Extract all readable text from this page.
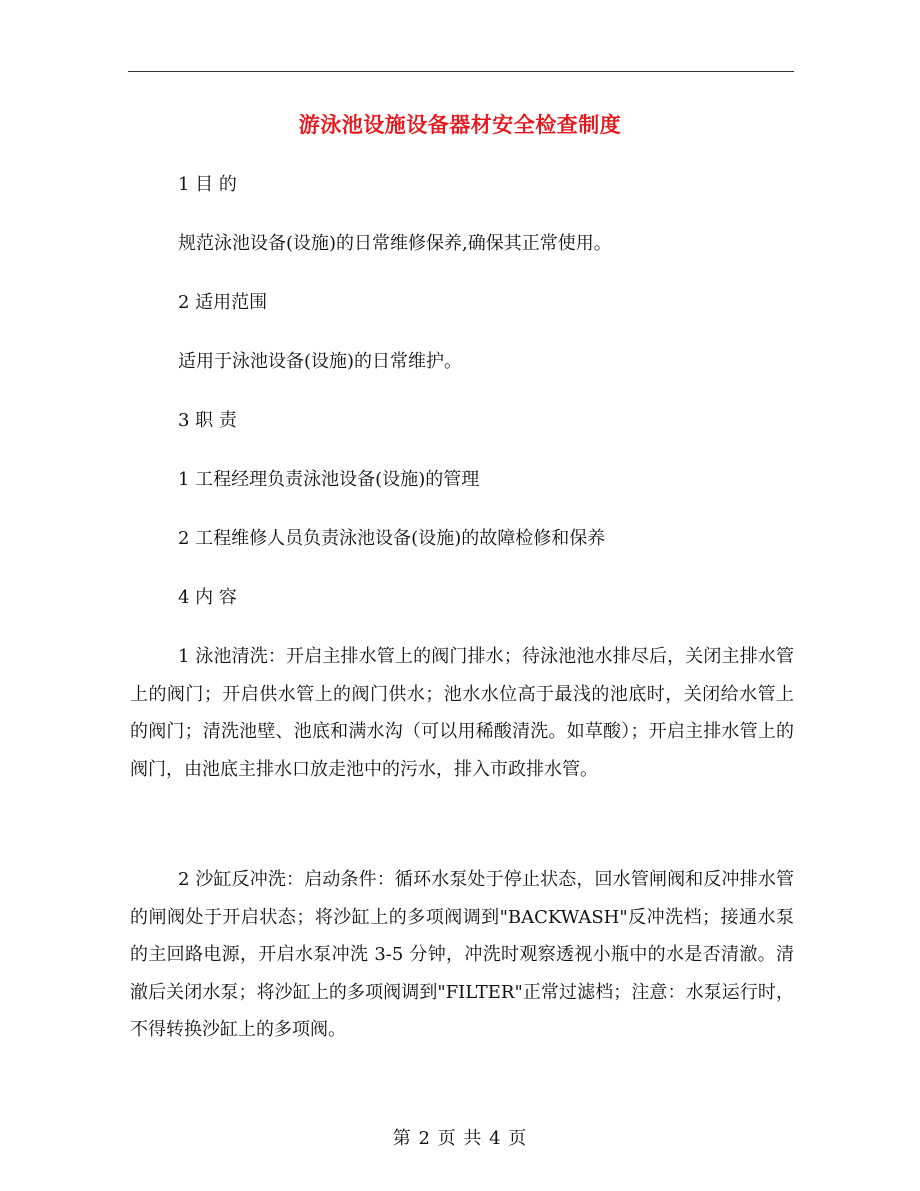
游泳池设施设备器材安全检查制度
1 目 的
规范泳池设备(设施)的日常维修保养,确保其正常使用。
2 适用范围
适用于泳池设备(设施)的日常维护。
3 职 责
1 工程经理负责泳池设备(设施)的管理
2 工程维修人员负责泳池设备(设施)的故障检修和保养
4 内 容
1 泳池清洗：开启主排水管上的阀门排水；待泳池池水排尽后，关闭主排水管上的阀门；开启供水管上的阀门供水；池水水位高于最浅的池底时，关闭给水管上的阀门；清洗池壁、池底和满水沟（可以用稀酸清洗。如草酸）；开启主排水管上的阀门，由池底主排水口放走池中的污水，排入市政排水管。
2 沙缸反冲洗：启动条件：循环水泵处于停止状态，回水管闸阀和反冲排水管的闸阀处于开启状态；将沙缸上的多项阀调到"BACKWASH"反冲洗档；接通水泵的主回路电源，开启水泵冲洗 3-5 分钟，冲洗时观察透视小瓶中的水是否清澈。清澈后关闭水泵；将沙缸上的多项阀调到"FILTER"正常过滤档；注意：水泵运行时，不得转换沙缸上的多项阀。
第 2 页 共 4 页
